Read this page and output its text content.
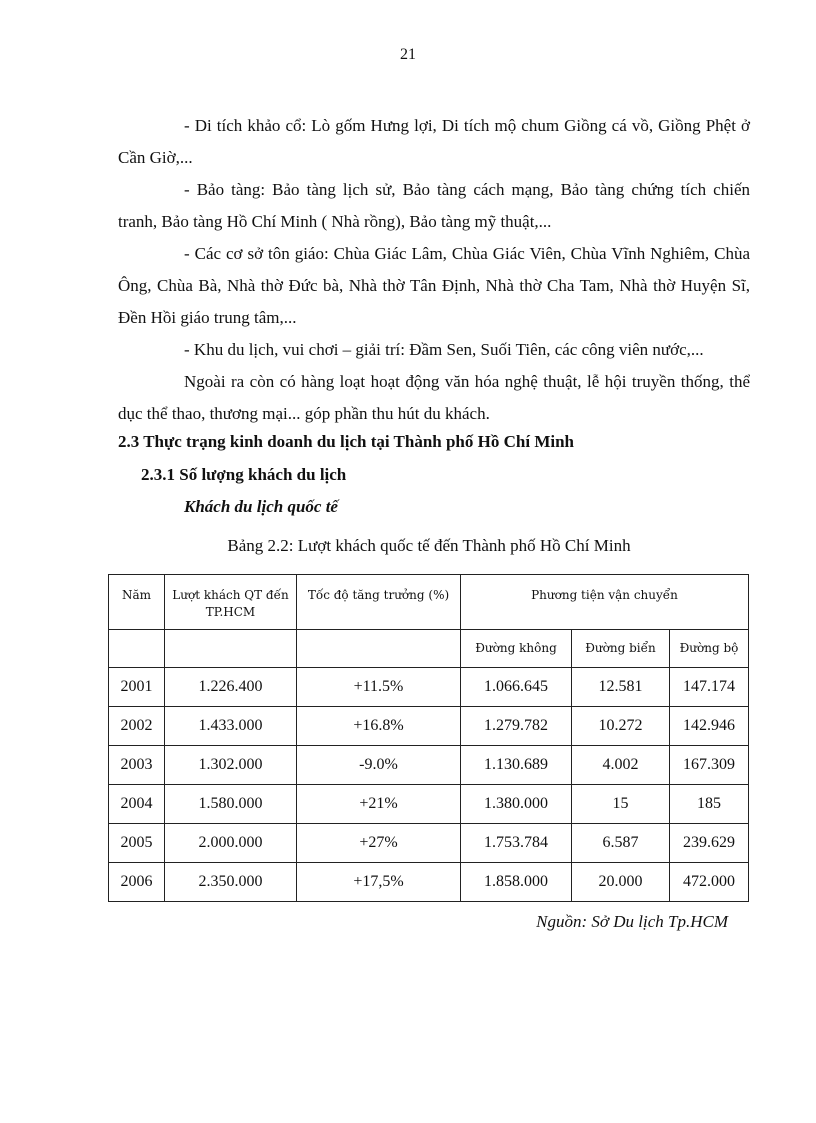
21

- Di tích khảo cổ: Lò gốm Hưng lợi, Di tích mộ chum Giồng cá vồ, Giồng Phệt ở Cần Giờ,...

- Bảo tàng: Bảo tàng lịch sử, Bảo tàng cách mạng, Bảo tàng chứng tích chiến tranh, Bảo tàng Hồ Chí Minh ( Nhà rồng), Bảo tàng mỹ thuật,...

- Các cơ sở tôn giáo: Chùa Giác Lâm, Chùa Giác Viên, Chùa Vĩnh Nghiêm, Chùa Ông, Chùa Bà, Nhà thờ Đức bà, Nhà thờ Tân Định, Nhà thờ Cha Tam, Nhà thờ Huyện Sĩ, Đền Hồi giáo trung tâm,...

- Khu du lịch, vui chơi – giải trí: Đầm Sen, Suối Tiên, các công viên nước,...

Ngoài ra còn có hàng loạt hoạt động văn hóa nghệ thuật, lễ hội truyền thống, thể dục thể thao, thương mại... góp phần thu hút du khách.

2.3 Thực trạng kinh doanh du lịch tại Thành phố Hồ Chí Minh
2.3.1 Số lượng khách du lịch
Khách du lịch quốc tế
Bảng 2.2: Lượt khách quốc tế đến Thành phố Hồ Chí Minh
Năm	Lượt khách QT đến TP.HCM	Tốc độ tăng trưởng (%)	Phương tiện vận chuyển		
			Đường không	Đường biển	Đường bộ
2001	1.226.400	+11.5%	1.066.645	12.581	147.174
2002	1.433.000	+16.8%	1.279.782	10.272	142.946
2003	1.302.000	-9.0%	1.130.689	4.002	167.309
2004	1.580.000	+21%	1.380.000	15	185
2005	2.000.000	+27%	1.753.784	6.587	239.629
2006	2.350.000	+17,5%	1.858.000	20.000	472.000
Nguồn: Sở Du lịch Tp.HCM
